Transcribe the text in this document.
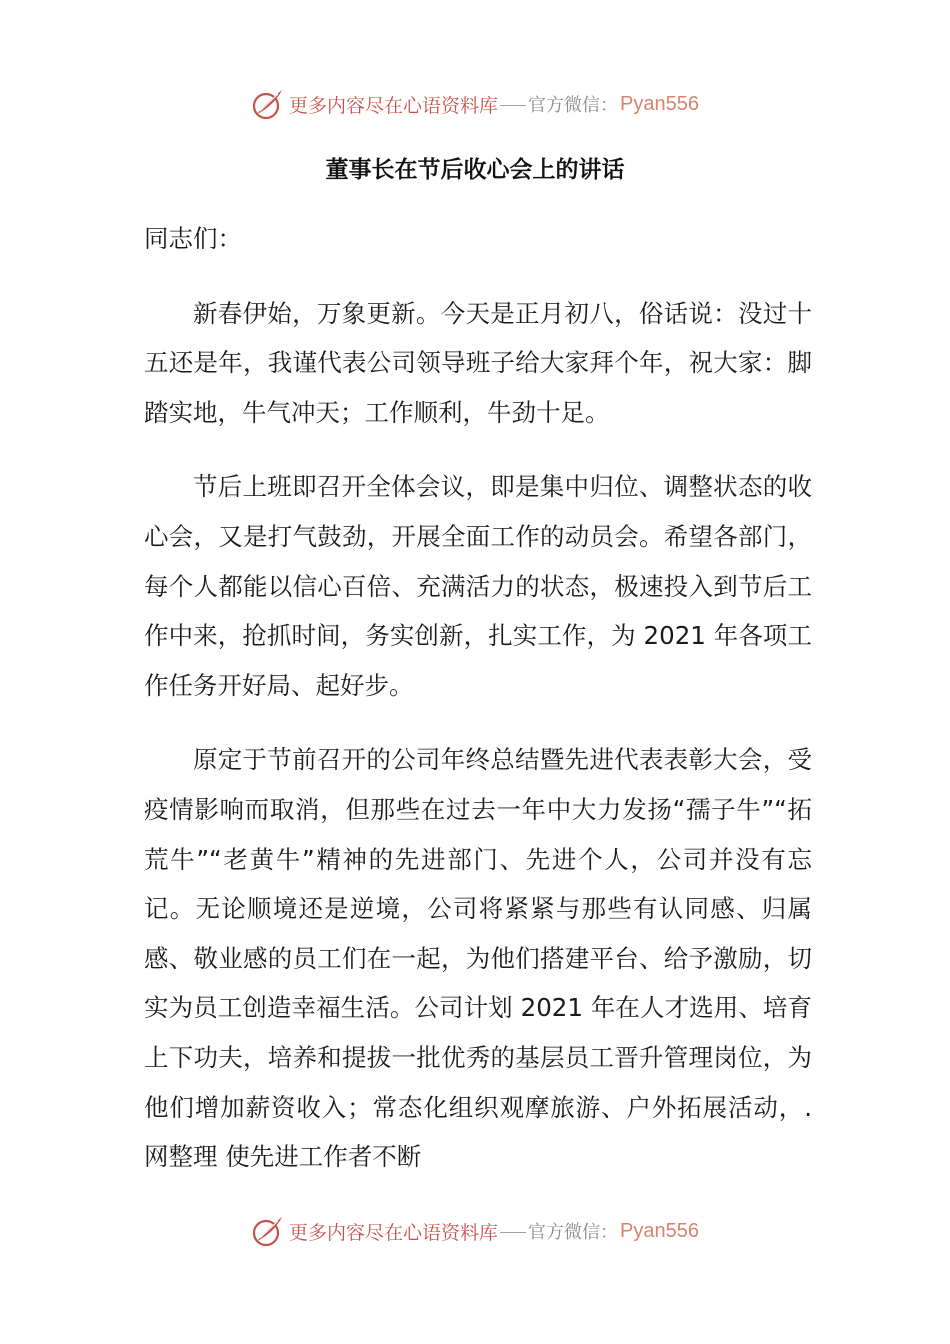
更多内容尽在心语资料库 官方微信： Pyan556
董事长在节后收心会上的讲话

同志们：

新春伊始，万象更新。今天是正月初八，俗话说：没过十五还是年，我谨代表公司领导班子给大家拜个年，祝大家：脚踏实地，牛气冲天；工作顺利，牛劲十足。

节后上班即召开全体会议，即是集中归位、调整状态的收心会，又是打气鼓劲，开展全面工作的动员会。希望各部门，每个人都能以信心百倍、充满活力的状态，极速投入到节后工作中来，抢抓时间，务实创新，扎实工作，为 2021 年各项工作任务开好局、起好步。

原定于节前召开的公司年终总结暨先进代表表彰大会，受疫情影响而取消，但那些在过去一年中大力发扬“孺子牛”“拓荒牛”“老黄牛”精神的先进部门、先进个人，公司并没有忘记。无论顺境还是逆境，公司将紧紧与那些有认同感、归属感、敬业感的员工们在一起，为他们搭建平台、给予激励，切实为员工创造幸福生活。公司计划 2021 年在人才选用、培育上下功夫，培养和提拔一批优秀的基层员工晋升管理岗位，为他们增加薪资收入；常态化组织观摩旅游、户外拓展活动，.网整理 使先进工作者不断

更多内容尽在心语资料库 官方微信： Pyan556
